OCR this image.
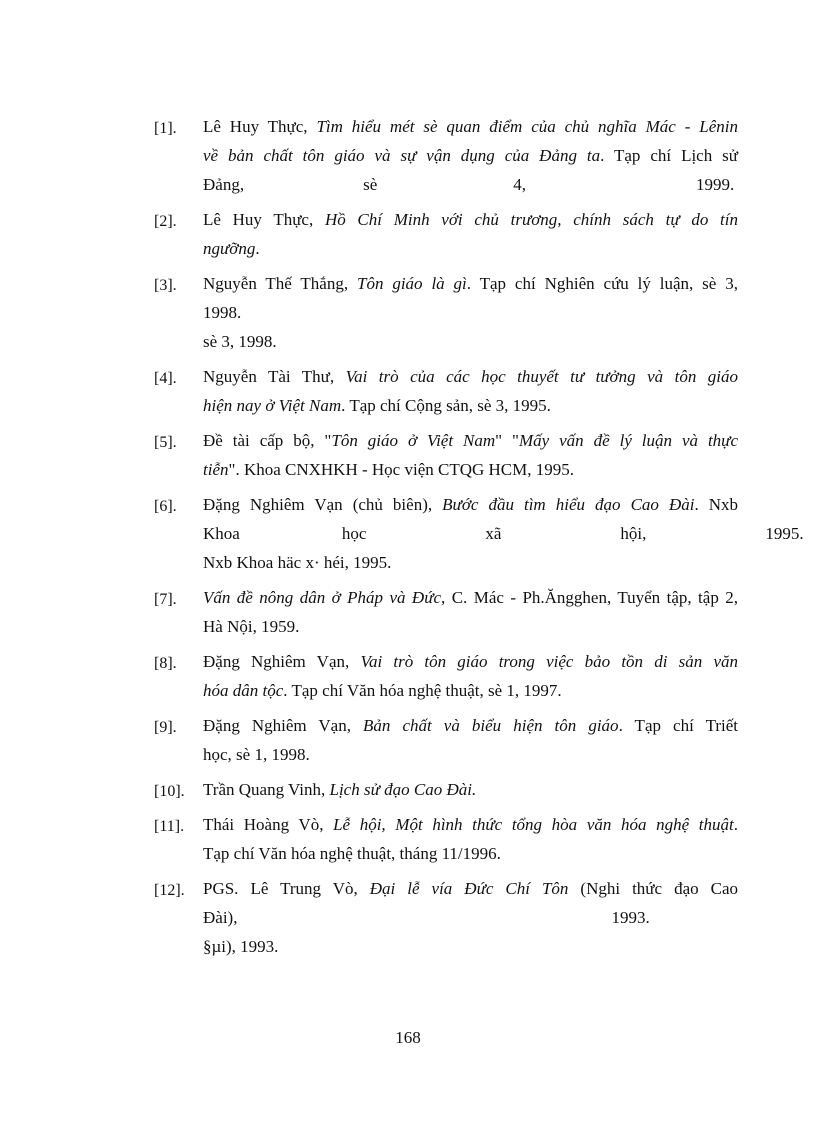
[1]. Lê Huy Thực, Tìm hiểu mét sè quan điểm của chủ nghĩa Mác - Lênin
về bản chất tôn giáo và sự vận dụng của Đảng ta. Tạp chí Lịch sử
Đảng,       sè        4,          1999.
[2]. Lê Huy Thực, Hồ Chí Minh với chủ trương, chính sách tự do tín
ngưỡng.
[3]. Nguyễn Thế Thắng, Tôn giáo là gì. Tạp chí Nghiên cứu lý luận, sè 3,
1998.
sè 3, 1998.
[4]. Nguyễn Tài Thư, Vai trò của các học thuyết tư tưởng và tôn giáo
hiện nay ở Việt Nam. Tạp chí Cộng sản, sè 3, 1995.
[5]. Đề tài cấp bộ, "Tôn giáo ở Việt Nam" "Mấy vấn đề lý luận và thực
tiễn". Khoa CNXHKH - Học viện CTQG HCM, 1995.
[6]. Đặng Nghiêm Vạn (chủ biên), Bước đầu tìm hiểu đạo Cao Đài. Nxb
Khoa      học       xã       hội,       1995.
Nxb Khoa häc x· héi, 1995.
[7]. Vấn đề nông dân ở Pháp và Đức, C. Mác - Ph.Ăngghen, Tuyển tập, tập 2,
Hà Nội, 1959.
[8]. Đặng Nghiêm Vạn, Vai trò tôn giáo trong việc bảo tồn di sản văn
hóa dân tộc. Tạp chí Văn hóa nghệ thuật, sè 1, 1997.
[9]. Đặng Nghiêm Vạn, Bản chất và biểu hiện tôn giáo. Tạp chí Triết
học, sè 1, 1998.
[10]. Trần Quang Vinh, Lịch sử đạo Cao Đài.
[11]. Thái Hoàng Vò, Lễ hội, Một hình thức tổng hòa văn hóa nghệ thuật.
Tạp chí Văn hóa nghệ thuật, tháng 11/1996.
[12]. PGS. Lê Trung Vò, Đại lễ vía Đức Chí Tôn (Nghi thức đạo Cao
Đài),                      1993.
§µi), 1993.
168
